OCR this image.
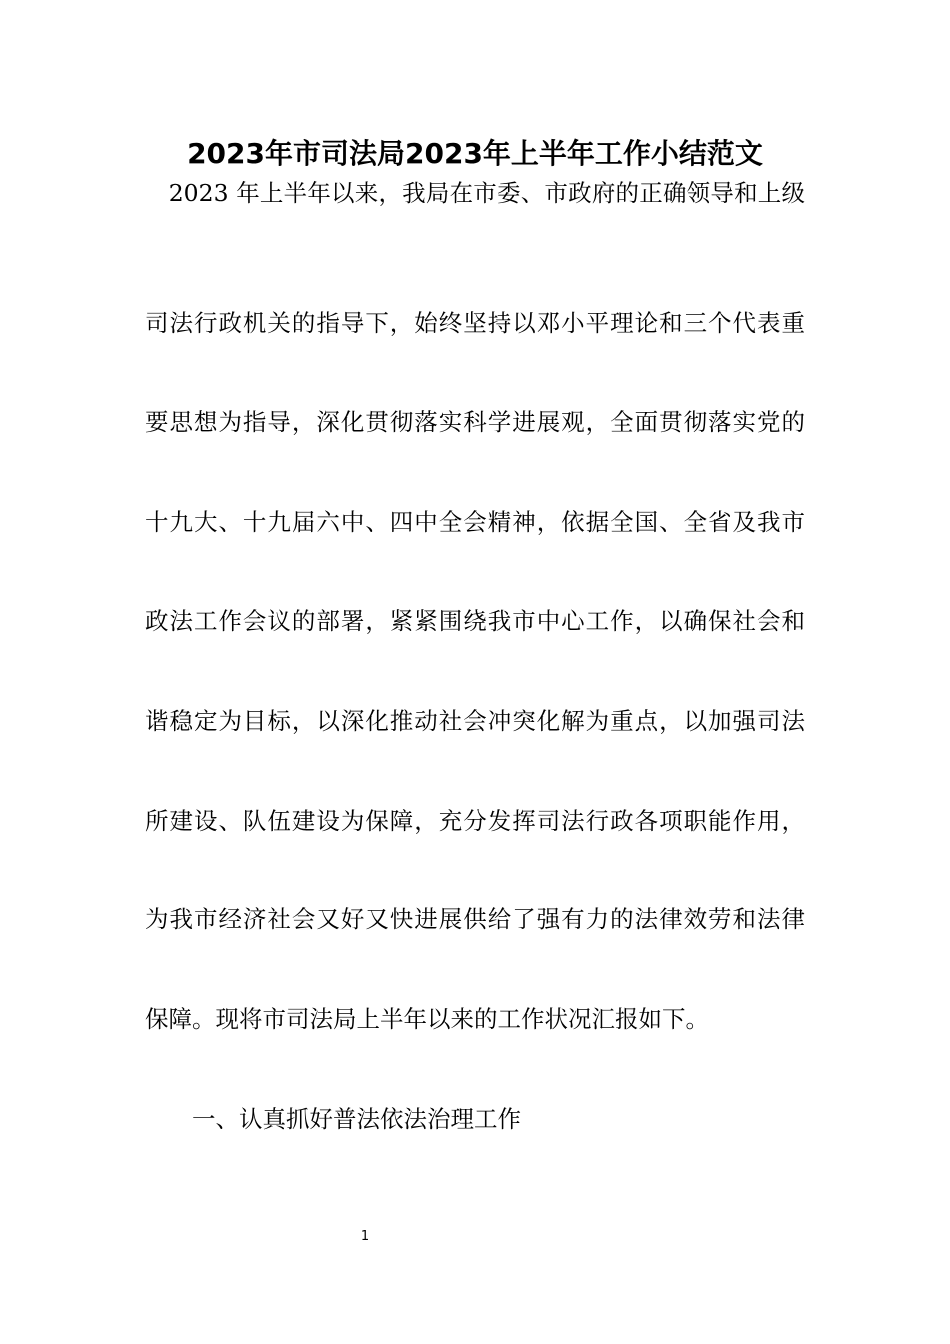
2023年市司法局2023年上半年工作小结范文
　2023 年上半年以来，我局在市委、市政府的正确领导和上级
司法行政机关的指导下，始终坚持以邓小平理论和三个代表重
要思想为指导，深化贯彻落实科学进展观，全面贯彻落实党的
十九大、十九届六中、四中全会精神，依据全国、全省及我市
政法工作会议的部署，紧紧围绕我市中心工作，以确保社会和
谐稳定为目标，以深化推动社会冲突化解为重点，以加强司法
所建设、队伍建设为保障，充分发挥司法行政各项职能作用，
为我市经济社会又好又快进展供给了强有力的法律效劳和法律
保障。现将市司法局上半年以来的工作状况汇报如下。
一、认真抓好普法依法治理工作
1
